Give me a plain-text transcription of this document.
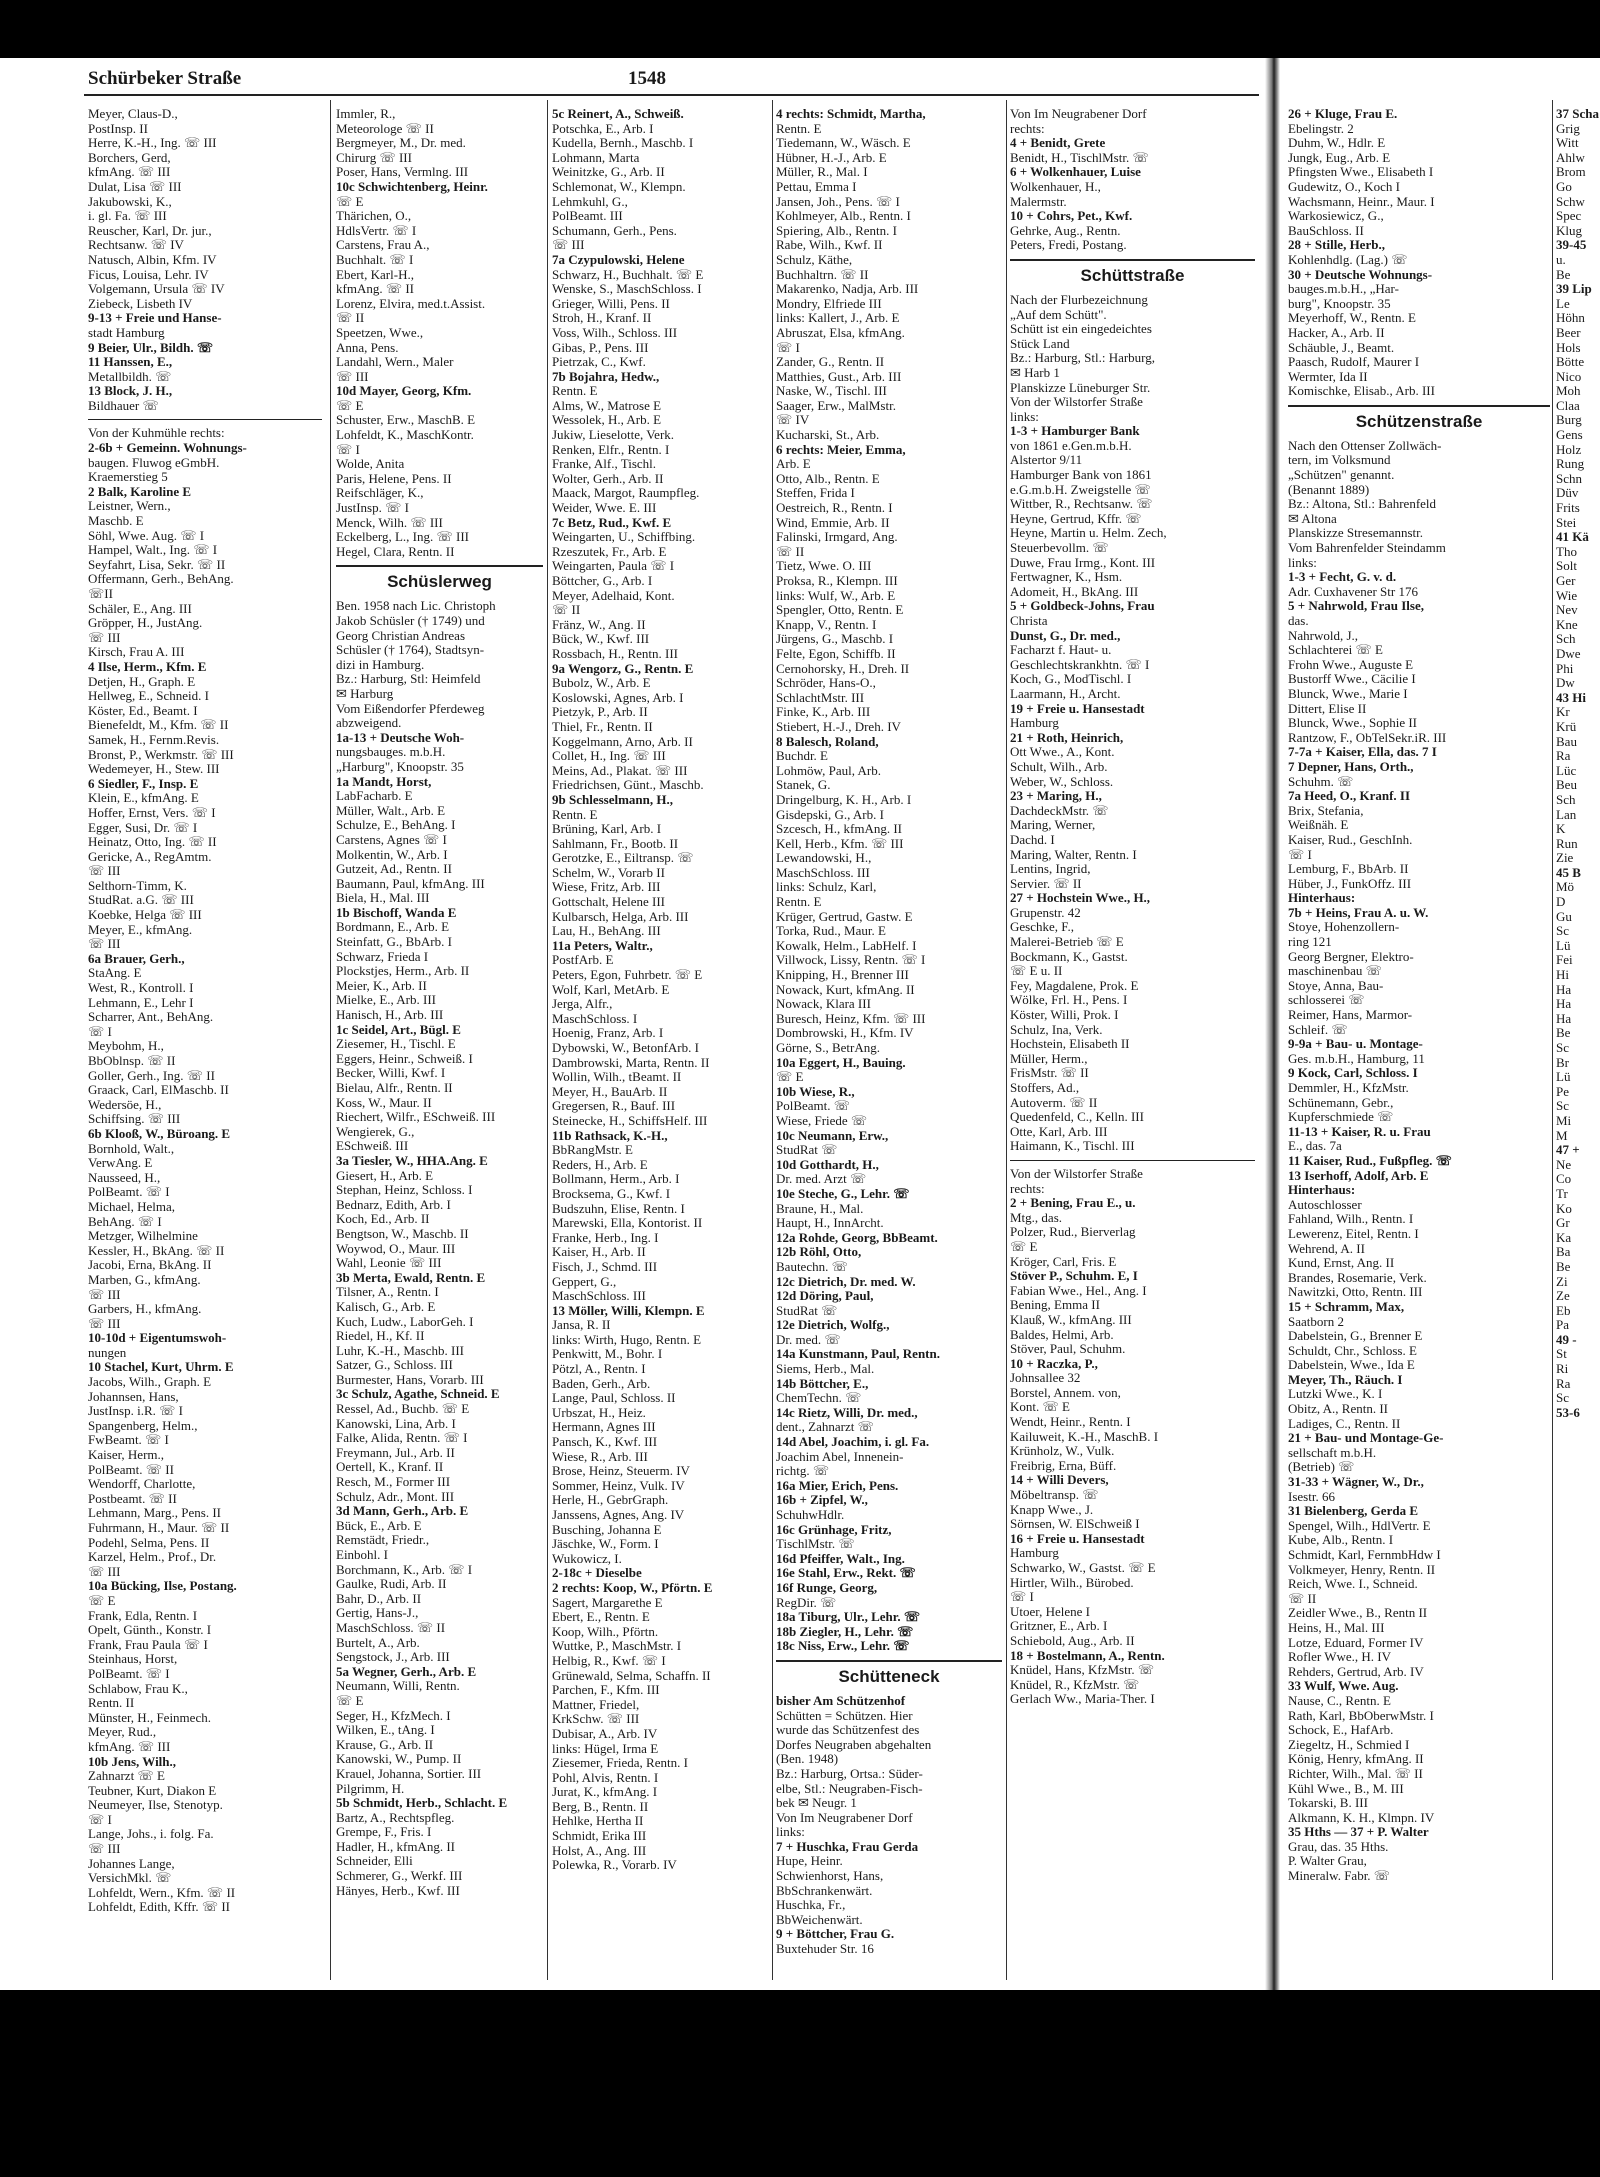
Schürbeker Straße	1548
Meyer, Claus-D.,
PostInsp. II
Herre, K.-H., Ing. ☏ III
Borchers, Gerd,
kfmAng. ☏ III
Dulat, Lisa ☏ III
Jakubowski, K.,
i. gl. Fa. ☏ III
Reuscher, Karl, Dr. jur.,
Rechtsanw. ☏ IV
Natusch, Albin, Kfm. IV
Ficus, Louisa, Lehr. IV
Volgemann, Ursula ☏ IV
Ziebeck, Lisbeth IV
9-13 + Freie und Hanse-
stadt Hamburg
9 Beier, Ulr., Bildh. ☏
11 Hanssen, E.,
Metallbildh. ☏
13 Block, J. H.,
Bildhauer ☏
Von der Kuhmühle rechts:
2-6b + Gemeinn. Wohnungs-
baugen. Fluwog eGmbH.
Kraemerstieg 5
2 Balk, Karoline E
Leistner, Wern.,
Maschb. E
Söhl, Wwe. Aug. ☏ I
Hampel, Walt., Ing. ☏ I
Seyfahrt, Lisa, Sekr. ☏ II
Offermann, Gerh., BehAng.
☏II
Schäler, E., Ang. III
Gröpper, H., JustAng.
☏ III
Kirsch, Frau A. III
4 Ilse, Herm., Kfm. E
Detjen, H., Graph. E
Hellweg, E., Schneid. I
Köster, Ed., Beamt. I
Bienefeldt, M., Kfm. ☏ II
Samek, H., Fernm.Revis.
Bronst, P., Werkmstr. ☏ III
Wedemeyer, H., Stew. III
6 Siedler, F., Insp. E
Klein, E., kfmAng. E
Hoffer, Ernst, Vers. ☏ I
Egger, Susi, Dr. ☏ I
Heinatz, Otto, Ing. ☏ II
Gericke, A., RegAmtm.
☏ III
Selthorn-Timm, K.
StudRat. a.G. ☏ III
Koebke, Helga ☏ III
Meyer, E., kfmAng.
☏ III
6a Brauer, Gerh.,
StaAng. E
West, R., Kontroll. I
Lehmann, E., Lehr I
Scharrer, Ant., BehAng.
☏ I
Meybohm, H.,
BbOblnsp. ☏ II
Goller, Gerh., Ing. ☏ II
Graack, Carl, ElMaschb. II
Wedersöe, H.,
Schiffsing. ☏ III
6b Klooß, W., Büroang. E
Bornhold, Walt.,
VerwAng. E
Nausseed, H.,
PolBeamt. ☏ I
Michael, Helma,
BehAng. ☏ I
Metzger, Wilhelmine
Kessler, H., BkAng. ☏ II
Jacobi, Erna, BkAng. II
Marben, G., kfmAng.
☏ III
Garbers, H., kfmAng.
☏ III
10-10d + Eigentumswoh-
nungen
10 Stachel, Kurt, Uhrm. E
Jacobs, Wilh., Graph. E
Johannsen, Hans,
JustInsp. i.R. ☏ I
Spangenberg, Helm.,
FwBeamt. ☏ I
Kaiser, Herm.,
PolBeamt. ☏ II
Wendorff, Charlotte,
Postbeamt. ☏ II
Lehmann, Marg., Pens. II
Fuhrmann, H., Maur. ☏ II
Podehl, Selma, Pens. II
Karzel, Helm., Prof., Dr.
☏ III
10a Bücking, Ilse, Postang.
☏ E
Frank, Edla, Rentn. I
Opelt, Günth., Konstr. I
Frank, Frau Paula ☏ I
Steinhaus, Horst,
PolBeamt. ☏ I
Schlabow, Frau K.,
Rentn. II
Münster, H., Feinmech.
Meyer, Rud.,
kfmAng. ☏ III
10b Jens, Wilh.,
Zahnarzt ☏ E
Teubner, Kurt, Diakon E
Neumeyer, Ilse, Stenotyp.
☏ I
Lange, Johs., i. folg. Fa.
☏ III
Johannes Lange,
VersichMkl. ☏
Lohfeldt, Wern., Kfm. ☏ II
Lohfeldt, Edith, Kffr. ☏ II
Immler, R.,
Meteorologe ☏ II
Bergmeyer, M., Dr. med.
Chirurg ☏ III
Poser, Hans, Vermlng. III
10c Schwichtenberg, Heinr.
☏ E
Thärichen, O.,
HdlsVertr. ☏ I
Carstens, Frau A.,
Buchhalt. ☏ I
Ebert, Karl-H.,
kfmAng. ☏ II
Lorenz, Elvira, med.t.Assist.
☏ II
Speetzen, Wwe.,
Anna, Pens.
Landahl, Wern., Maler
☏ III
10d Mayer, Georg, Kfm.
☏ E
Schuster, Erw., MaschB. E
Lohfeldt, K., MaschKontr.
☏ I
Wolde, Anita
Paris, Helene, Pens. II
Reifschläger, K.,
JustInsp. ☏ I
Menck, Wilh. ☏ III
Eckelberg, L., Ing. ☏ III
Hegel, Clara, Rentn. II
Schüslerweg
Ben. 1958 nach Lic. Christoph
Jakob Schüsler († 1749) und
Georg Christian Andreas
Schüsler († 1764), Stadtsyn-
dizi in Hamburg.
Bz.: Harburg, Stl: Heimfeld
✉ Harburg
Vom Eißendorfer Pferdeweg
abzweigend.
1a-13 + Deutsche Woh-
nungsbauges. m.b.H.
„Harburg", Knoopstr. 35
1a Mandt, Horst,
LabFacharb. E
Müller, Walt., Arb. E
Schulze, E., BehAng. I
Carstens, Agnes ☏ I
Molkentin, W., Arb. I
Gutzeit, Ad., Rentn. II
Baumann, Paul, kfmAng. III
Biela, H., Mal. III
1b Bischoff, Wanda E
Bordmann, E., Arb. E
Steinfatt, G., BbArb. I
Schwarz, Frieda I
Plockstjes, Herm., Arb. II
Meier, K., Arb. II
Mielke, E., Arb. III
Hanisch, H., Arb. III
1c Seidel, Art., Bügl. E
Ziesemer, H., Tischl. E
Eggers, Heinr., Schweiß. I
Becker, Willi, Kwf. I
Bielau, Alfr., Rentn. II
Koss, W., Maur. II
Riechert, Wilfr., ESchweiß. III
Wengierek, G.,
ESchweiß. III
3a Tiesler, W., HHA.Ang. E
Giesert, H., Arb. E
Stephan, Heinz, Schloss. I
Bednarz, Edith, Arb. I
Koch, Ed., Arb. II
Bengtson, W., Maschb. II
Woywod, O., Maur. III
Wahl, Leonie ☏ III
3b Merta, Ewald, Rentn. E
Tilsner, A., Rentn. I
Kalisch, G., Arb. E
Kuch, Ludw., LaborGeh. I
Riedel, H., Kf. II
Luhr, K.-H., Maschb. III
Satzer, G., Schloss. III
Burmester, Hans, Vorarb. III
3c Schulz, Agathe, Schneid. E
Ressel, Ad., Buchb. ☏ E
Kanowski, Lina, Arb. I
Falke, Alida, Rentn. ☏ I
Freymann, Jul., Arb. II
Oertell, K., Kranf. II
Resch, M., Former III
Schulz, Adr., Mont. III
3d Mann, Gerh., Arb. E
Bück, E., Arb. E
Remstädt, Friedr.,
Einbohl. I
Borchmann, K., Arb. ☏ I
Gaulke, Rudi, Arb. II
Bahr, D., Arb. II
Gertig, Hans-J.,
MaschSchloss. ☏ II
Burtelt, A., Arb.
Sengstock, J., Arb. III
5a Wegner, Gerh., Arb. E
Neumann, Willi, Rentn.
☏ E
Seger, H., KfzMech. I
Wilken, E., tAng. I
Krause, G., Arb. II
Kanowski, W., Pump. II
Krauel, Johanna, Sortier. III
Pilgrimm, H.
5b Schmidt, Herb., Schlacht. E
Bartz, A., Rechtspfleg.
Grempe, F., Fris. I
Hadler, H., kfmAng. II
Schneider, Elli
Schmerer, G., Werkf. III
Hänyes, Herb., Kwf. III
5c Reinert, A., Schweiß.
Potschka, E., Arb. I
Kudella, Bernh., Maschb. I
Lohmann, Marta
Weinitzke, G., Arb. II
Schlemonat, W., Klempn.
Lehmkuhl, G.,
PolBeamt. III
Schumann, Gerh., Pens.
☏ III
7a Czypulowski, Helene
Schwarz, H., Buchhalt. ☏ E
Wenske, S., MaschSchloss. I
Grieger, Willi, Pens. II
Stroh, H., Kranf. II
Voss, Wilh., Schloss. III
Gibas, P., Pens. III
Pietrzak, C., Kwf.
7b Bojahra, Hedw.,
Rentn. E
Alms, W., Matrose E
Wessolek, H., Arb. E
Jukiw, Lieselotte, Verk.
Renken, Elfr., Rentn. I
Franke, Alf., Tischl.
Wolter, Gerh., Arb. II
Maack, Margot, Raumpfleg.
Weider, Wwe. E. III
7c Betz, Rud., Kwf. E
Weingarten, U., Schiffbing.
Rzeszutek, Fr., Arb. E
Weingarten, Paula ☏ I
Böttcher, G., Arb. I
Meyer, Adelhaid, Kont.
☏ II
Fränz, W., Ang. II
Bück, W., Kwf. III
Rossbach, H., Rentn. III
9a Wengorz, G., Rentn. E
Bubolz, W., Arb. E
Koslowski, Agnes, Arb. I
Pietzyk, P., Arb. II
Thiel, Fr., Rentn. II
Koggelmann, Arno, Arb. II
Collet, H., Ing. ☏ III
Meins, Ad., Plakat. ☏ III
Friedrichsen, Günt., Maschb.
9b Schlesselmann, H.,
Rentn. E
Brüning, Karl, Arb. I
Sahlmann, Fr., Bootb. II
Gerotzke, E., Eiltransp. ☏
Schelm, W., Vorarb II
Wiese, Fritz, Arb. III
Gottschalt, Helene III
Kulbarsch, Helga, Arb. III
Lau, H., BehAng. III
11a Peters, Waltr.,
PostfArb. E
Peters, Egon, Fuhrbetr. ☏ E
Wolf, Karl, MetArb. E
Jerga, Alfr.,
MaschSchloss. I
Hoenig, Franz, Arb. I
Dybowski, W., BetonfArb. I
Dambrowski, Marta, Rentn. II
Wollin, Wilh., tBeamt. II
Meyer, H., BauArb. II
Gregersen, R., Bauf. III
Steinecke, H., SchiffsHelf. III
11b Rathsack, K.-H.,
BbRangMstr. E
Reders, H., Arb. E
Bollmann, Herm., Arb. I
Brocksema, G., Kwf. I
Budszuhn, Elise, Rentn. I
Marewski, Ella, Kontorist. II
Franke, Herb., Ing. I
Kaiser, H., Arb. II
Fisch, J., Schmd. III
Geppert, G.,
MaschSchloss. III
13 Möller, Willi, Klempn. E
Jansa, R. II
links: Wirth, Hugo, Rentn. E
Penkwitt, M., Bohr. I
Pötzl, A., Rentn. I
Baden, Gerh., Arb.
Lange, Paul, Schloss. II
Urbszat, H., Heiz.
Hermann, Agnes III
Pansch, K., Kwf. III
Wiese, R., Arb. III
Brose, Heinz, Steuerm. IV
Sommer, Heinz, Vulk. IV
Herle, H., GebrGraph.
Janssens, Agnes, Ang. IV
Busching, Johanna E
Jäschke, W., Form. I
Wukowicz, I.
2-18c + Dieselbe
2 rechts: Koop, W., Pförtn. E
Sagert, Margarethe E
Ebert, E., Rentn. E
Koop, Wilh., Pförtn.
Wuttke, P., MaschMstr. I
Helbig, R., Kwf. ☏ I
Grünewald, Selma, Schaffn. II
Parchen, F., Kfm. III
Mattner, Friedel,
KrkSchw. ☏ III
Dubisar, A., Arb. IV
links: Hügel, Irma E
Ziesemer, Frieda, Rentn. I
Pohl, Alvis, Rentn. I
Jurat, K., kfmAng. I
Berg, B., Rentn. II
Hehlke, Hertha II
Schmidt, Erika III
Holst, A., Ang. III
Polewka, R., Vorarb. IV
4 rechts: Schmidt, Martha,
Rentn. E
Tiedemann, W., Wäsch. E
Hübner, H.-J., Arb. E
Müller, R., Mal. I
Pettau, Emma I
Jansen, Joh., Pens. ☏ I
Kohlmeyer, Alb., Rentn. I
Spiering, Alb., Rentn. I
Rabe, Wilh., Kwf. II
Schulz, Käthe,
Buchhaltrn. ☏ II
Makarenko, Nadja, Arb. III
Mondry, Elfriede III
links: Kallert, J., Arb. E
Abruszat, Elsa, kfmAng.
☏ I
Zander, G., Rentn. II
Matthies, Gust., Arb. III
Naske, W., Tischl. III
Saager, Erw., MalMstr.
☏ IV
Kucharski, St., Arb.
6 rechts: Meier, Emma,
Arb. E
Otto, Alb., Rentn. E
Steffen, Frida I
Oestreich, R., Rentn. I
Wind, Emmie, Arb. II
Falinski, Irmgard, Ang.
☏ II
Tietz, Wwe. O. III
Proksa, R., Klempn. III
links: Wulf, W., Arb. E
Spengler, Otto, Rentn. E
Knapp, V., Rentn. I
Jürgens, G., Maschb. I
Felte, Egon, Schiffb. II
Cernohorsky, H., Dreh. II
Schröder, Hans-O.,
SchlachtMstr. III
Finke, K., Arb. III
Stiebert, H.-J., Dreh. IV
8 Balesch, Roland,
Buchdr. E
Lohmöw, Paul, Arb.
Stanek, G.
Dringelburg, K. H., Arb. I
Gisdepski, G., Arb. I
Szcesch, H., kfmAng. II
Kell, Herb., Kfm. ☏ III
Lewandowski, H.,
MaschSchloss. III
links: Schulz, Karl,
Rentn. E
Krüger, Gertrud, Gastw. E
Torka, Rud., Maur. E
Kowalk, Helm., LabHelf. I
Villwock, Lissy, Rentn. ☏ I
Knipping, H., Brenner III
Nowack, Kurt, kfmAng. II
Nowack, Klara III
Buresch, Heinz, Kfm. ☏ III
Dombrowski, H., Kfm. IV
Görne, S., BetrAng.
10a Eggert, H., Bauing.
☏ E
10b Wiese, R.,
PolBeamt. ☏
Wiese, Friede ☏
10c Neumann, Erw.,
StudRat ☏
10d Gotthardt, H.,
Dr. med. Arzt ☏
10e Steche, G., Lehr. ☏
Braune, H., Mal.
Haupt, H., InnArcht.
12a Rohde, Georg, BbBeamt.
12b Röhl, Otto,
Bautechn. ☏
12c Dietrich, Dr. med. W.
12d Döring, Paul,
StudRat ☏
12e Dietrich, Wolfg.,
Dr. med. ☏
14a Kunstmann, Paul, Rentn.
Siems, Herb., Mal.
14b Böttcher, E.,
ChemTechn. ☏
14c Rietz, Willi, Dr. med.,
dent., Zahnarzt ☏
14d Abel, Joachim, i. gl. Fa.
Joachim Abel, Innenein-
richtg. ☏
16a Mier, Erich, Pens.
16b + Zipfel, W.,
SchuhwHdlr.
16c Grünhage, Fritz,
TischlMstr. ☏
16d Pfeiffer, Walt., Ing.
16e Stahl, Erw., Rekt. ☏
16f Runge, Georg,
RegDir. ☏
18a Tiburg, Ulr., Lehr. ☏
18b Ziegler, H., Lehr. ☏
18c Niss, Erw., Lehr. ☏
Schütteneck
bisher Am Schützenhof
Schütten = Schützen. Hier
wurde das Schützenfest des
Dorfes Neugraben abgehalten
(Ben. 1948)
Bz.: Harburg, Ortsa.: Süder-
elbe, Stl.: Neugraben-Fisch-
bek ✉ Neugr. 1
Von Im Neugrabener Dorf
links:
7 + Huschka, Frau Gerda
Hupe, Heinr.
Schwienhorst, Hans,
BbSchrankenwärt.
Huschka, Fr.,
BbWeichenwärt.
9 + Böttcher, Frau G.
Buxtehuder Str. 16
Von Im Neugrabener Dorf
rechts:
4 + Benidt, Grete
Benidt, H., TischlMstr. ☏
6 + Wolkenhauer, Luise
Wolkenhauer, H.,
Malermstr.
10 + Cohrs, Pet., Kwf.
Gehrke, Aug., Rentn.
Peters, Fredi, Postang.
Schüttstraße
Nach der Flurbezeichnung
„Auf dem Schütt".
Schütt ist ein eingedeichtes
Stück Land
Bz.: Harburg, Stl.: Harburg,
✉ Harb 1
Planskizze Lüneburger Str.
Von der Wilstorfer Straße
links:
1-3 + Hamburger Bank
von 1861 e.Gen.m.b.H.
Alstertor 9/11
Hamburger Bank von 1861
e.G.m.b.H. Zweigstelle ☏
Wittber, R., Rechtsanw. ☏
Heyne, Gertrud, Kffr. ☏
Heyne, Martin u. Helm. Zech,
Steuerbevollm. ☏
Duwe, Frau Irmg., Kont. III
Fertwagner, K., Hsm.
Adomeit, H., BkAng. III
5 + Goldbeck-Johns, Frau
Christa
Dunst, G., Dr. med.,
Facharzt f. Haut- u.
Geschlechtskrankhtn. ☏ I
Koch, G., ModTischl. I
Laarmann, H., Archt.
19 + Freie u. Hansestadt
Hamburg
21 + Roth, Heinrich,
Ott Wwe., A., Kont.
Schult, Wilh., Arb.
Weber, W., Schloss.
23 + Maring, H.,
DachdeckMstr. ☏
Maring, Werner,
Dachd. I
Maring, Walter, Rentn. I
Lentins, Ingrid,
Servier. ☏ II
27 + Hochstein Wwe., H.,
Grupenstr. 42
Geschke, F.,
Malerei-Betrieb ☏ E
Bockmann, K., Gastst.
☏ E u. II
Fey, Magdalene, Prok. E
Wölke, Frl. H., Pens. I
Köster, Willi, Prok. I
Schulz, Ina, Verk.
Hochstein, Elisabeth II
Müller, Herm.,
FrisMstr. ☏ II
Stoffers, Ad.,
Autoverm. ☏ II
Quedenfeld, C., Kelln. III
Otte, Karl, Arb. III
Haimann, K., Tischl. III
Von der Wilstorfer Straße
rechts:
2 + Bening, Frau E., u.
Mtg., das.
Polzer, Rud., Bierverlag
☏ E
Kröger, Carl, Fris. E
Stöver P., Schuhm. E, I
Fabian Wwe., Hel., Ang. I
Bening, Emma II
Klauß, W., kfmAng. III
Baldes, Helmi, Arb.
Stöver, Paul, Schuhm.
10 + Raczka, P.,
Johnsallee 32
Borstel, Annem. von,
Kont. ☏ E
Wendt, Heinr., Rentn. I
Kailuweit, K.-H., MaschB. I
Krünholz, W., Vulk.
Freibrig, Erna, Büff.
14 + Willi Devers,
Möbeltransp. ☏
Knapp Wwe., J.
Sörnsen, W. ElSchweiß I
16 + Freie u. Hansestadt
Hamburg
Schwarko, W., Gastst. ☏ E
Hirtler, Wilh., Bürobed.
☏ I
Utoer, Helene I
Gritzner, E., Arb. I
Schiebold, Aug., Arb. II
18 + Bostelmann, A., Rentn.
Knüdel, Hans, KfzMstr. ☏
Knüdel, R., KfzMstr. ☏
Gerlach Ww., Maria-Ther. I
26 + Kluge, Frau E.
Ebelingstr. 2
Duhm, W., Hdlr. E
Jungk, Eug., Arb. E
Pfingsten Wwe., Elisabeth I
Gudewitz, O., Koch I
Wachsmann, Heinr., Maur. I
Warkosiewicz, G.,
BauSchloss. II
28 + Stille, Herb.,
Kohlenhdlg. (Lag.) ☏
30 + Deutsche Wohnungs-
bauges.m.b.H., „Har-
burg", Knoopstr. 35
Meyerhoff, W., Rentn. E
Hacker, A., Arb. II
Schäuble, J., Beamt.
Paasch, Rudolf, Maurer I
Wermter, Ida II
Komischke, Elisab., Arb. III
Schützenstraße
Nach den Ottenser Zollwäch-
tern, im Volksmund
„Schützen" genannt.
(Benannt 1889)
Bz.: Altona, Stl.: Bahrenfeld
✉ Altona
Planskizze Stresemannstr.
Vom Bahrenfelder Steindamm
links:
1-3 + Fecht, G. v. d.
Adr. Cuxhavener Str 176
5 + Nahrwold, Frau Ilse,
das.
Nahrwold, J.,
Schlachterei ☏ E
Frohn Wwe., Auguste E
Bustorff Wwe., Cäcilie I
Blunck, Wwe., Marie I
Dittert, Elise II
Blunck, Wwe., Sophie II
Rantzow, F., ObTelSekr.iR. III
7-7a + Kaiser, Ella, das. 7 I
7 Depner, Hans, Orth.,
Schuhm. ☏
7a Heed, O., Kranf. II
Brix, Stefania,
Weißnäh. E
Kaiser, Rud., GeschInh.
☏ I
Lemburg, F., BbArb. II
Hüber, J., FunkOffz. III
Hinterhaus:
7b + Heins, Frau A. u. W.
Stoye, Hohenzollern-
ring 121
Georg Bergner, Elektro-
maschinenbau ☏
Stoye, Anna, Bau-
schlosserei ☏
Reimer, Hans, Marmor-
Schleif. ☏
9-9a + Bau- u. Montage-
Ges. m.b.H., Hamburg, 11
9 Kock, Carl, Schloss. I
Demmler, H., KfzMstr.
Schünemann, Gebr.,
Kupferschmiede ☏
11-13 + Kaiser, R. u. Frau
E., das. 7a
11 Kaiser, Rud., Fußpfleg. ☏
13 Iserhoff, Adolf, Arb. E
Hinterhaus:
Autoschlosser
Fahland, Wilh., Rentn. I
Lewerenz, Eitel, Rentn. I
Wehrend, A. II
Kund, Ernst, Ang. II
Brandes, Rosemarie, Verk.
Nawitzki, Otto, Rentn. III
15 + Schramm, Max,
Saatborn 2
Dabelstein, G., Brenner E
Schuldt, Chr., Schloss. E
Dabelstein, Wwe., Ida E
Meyer, Th., Räuch. I
Lutzki Wwe., K. I
Obitz, A., Rentn. II
Ladiges, C., Rentn. II
21 + Bau- und Montage-Ge-
sellschaft m.b.H.
(Betrieb) ☏
31-33 + Wägner, W., Dr.,
Isestr. 66
31 Bielenberg, Gerda E
Spengel, Wilh., HdlVertr. E
Kube, Alb., Rentn. I
Schmidt, Karl, FernmbHdw I
Volkmeyer, Henry, Rentn. II
Reich, Wwe. I., Schneid.
☏ II
Zeidler Wwe., B., Rentn II
Heins, H., Mal. III
Lotze, Eduard, Former IV
Rofler Wwe., H. IV
Rehders, Gertrud, Arb. IV
33 Wulf, Wwe. Aug.
Nause, C., Rentn. E
Rath, Karl, BbOberwMstr. I
Schock, E., HafArb.
Ziegeltz, H., Schmied I
König, Henry, kfmAng. II
Richter, Wilh., Mal. ☏ II
Kühl Wwe., B., M. III
Tokarski, B. III
Alkmann, K. H., Klmpn. IV
35 Hths — 37 + P. Walter
Grau, das. 35 Hths.
P. Walter Grau,
Mineralw. Fabr. ☏
37 Scha
Grig
Witt
Ahlw
Brom
Go
Schw
Spec
Klug
39-45
u.
Be
39 Lip
Le
Höhn
Beer
Hols
Bötte
Nico
Moh
Claa
Burg
Gens
Holz
Rung
Schn
Düv
Frits
Stei
41 Kä
Tho
Solt
Ger
Wie
Nev
Kne
Sch
Dwe
Phi
Dw
43 Hi
Kr
Krü
Bau
Ra
Lüc
Beu
Sch
Lan
K
Run
Zie
45 B
Mö
D
Gu
Sc
Lü
Fei
Hi
Ha
Ha
Ha
Be
Sc
Br
Lü
Pe
Sc
Mi
M
47 +
Ne
Co
Tr
Ko
Gr
Ka
Ba
Be
Zi
Ze
Eb
Pa
49 -
St
Ri
Ra
Sc
53-6
